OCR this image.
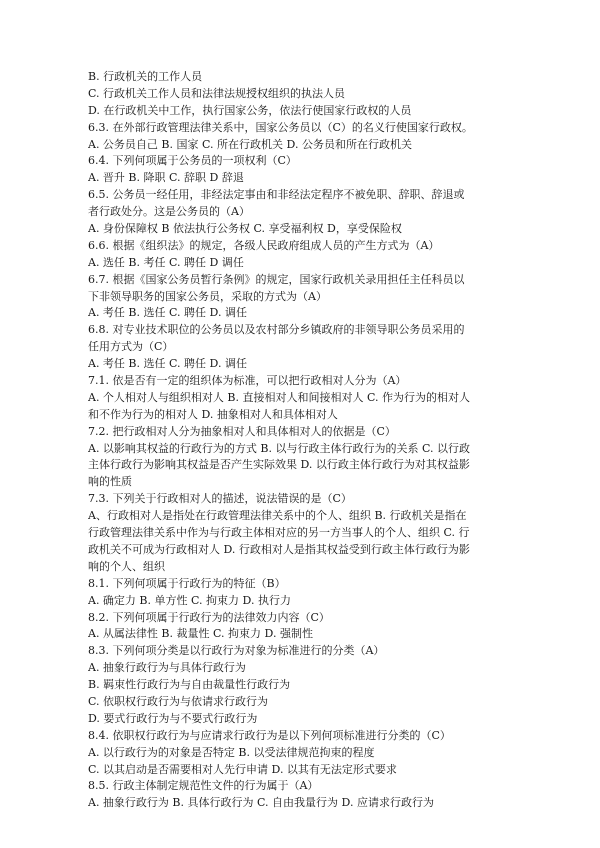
B. 行政机关的工作人员
C. 行政机关工作人员和法律法规授权组织的执法人员
D. 在行政机关中工作，执行国家公务，依法行使国家行政权的人员
6.3. 在外部行政管理法律关系中，国家公务员以（C）的名义行使国家行政权。
A. 公务员自己 B. 国家 C. 所在行政机关 D. 公务员和所在行政机关
6.4. 下列何项属于公务员的一项权利（C）
A. 晋升 B. 降职 C. 辞职 D 辞退
6.5. 公务员一经任用，非经法定事由和非经法定程序不被免职、辞职、辞退或
者行政处分。这是公务员的（A）
A. 身份保障权 B 依法执行公务权 C. 享受福利权 D，享受保险权
6.6. 根据《组织法》的规定，各级人民政府组成人员的产生方式为（A）
A. 选任 B. 考任 C. 聘任 D 调任
6.7. 根据《国家公务员暂行条例》的规定，国家行政机关录用担任主任科员以
下非领导职务的国家公务员，采取的方式为（A）
A. 考任 B. 选任 C. 聘任 D. 调任
6.8. 对专业技术职位的公务员以及农村部分乡镇政府的非领导职公务员采用的
任用方式为（C）
A. 考任 B. 选任 C. 聘任 D. 调任
7.1. 依是否有一定的组织体为标准，可以把行政相对人分为（A）
A. 个人相对人与组织相对人 B. 直接相对人和间接相对人 C. 作为行为的相对人
和不作为行为的相对人 D. 抽象相对人和具体相对人
7.2. 把行政相对人分为抽象相对人和具体相对人的依据是（C）
A. 以影响其权益的行政行为的方式 B. 以与行政主体行政行为的关系 C. 以行政
主体行政行为影响其权益是否产生实际效果 D. 以行政主体行政行为对其权益影
响的性质
7.3. 下列关于行政相对人的描述，说法错误的是（C）
A、行政相对人是指处在行政管理法律关系中的个人、组织 B. 行政机关是指在
行政管理法律关系中作为与行政主体相对应的另一方当事人的个人、组织 C. 行
政机关不可成为行政相对人 D. 行政相对人是指其权益受到行政主体行政行为影
响的个人、组织
8.1. 下列何项属于行政行为的特征（B）
A. 确定力 B. 单方性 C. 拘束力 D. 执行力
8.2. 下列何项属于行政行为的法律效力内容（C）
A. 从属法律性 B. 裁量性 C. 拘束力 D. 强制性
8.3. 下列何项分类是以行政行为对象为标准进行的分类（A）
A. 抽象行政行为与具体行政行为
B. 羁束性行政行为与自由裁量性行政行为
C. 依职权行政行为与依请求行政行为
D. 要式行政行为与不要式行政行为
8.4. 依职权行政行为与应请求行政行为是以下列何项标准进行分类的（C）
A. 以行政行为的对象是否特定 B. 以受法律规范拘束的程度
C. 以其启动是否需要相对人先行申请 D. 以其有无法定形式要求
8.5. 行政主体制定规范性文件的行为属于（A）
A. 抽象行政行为 B. 具体行政行为 C. 自由我量行为 D. 应请求行政行为
